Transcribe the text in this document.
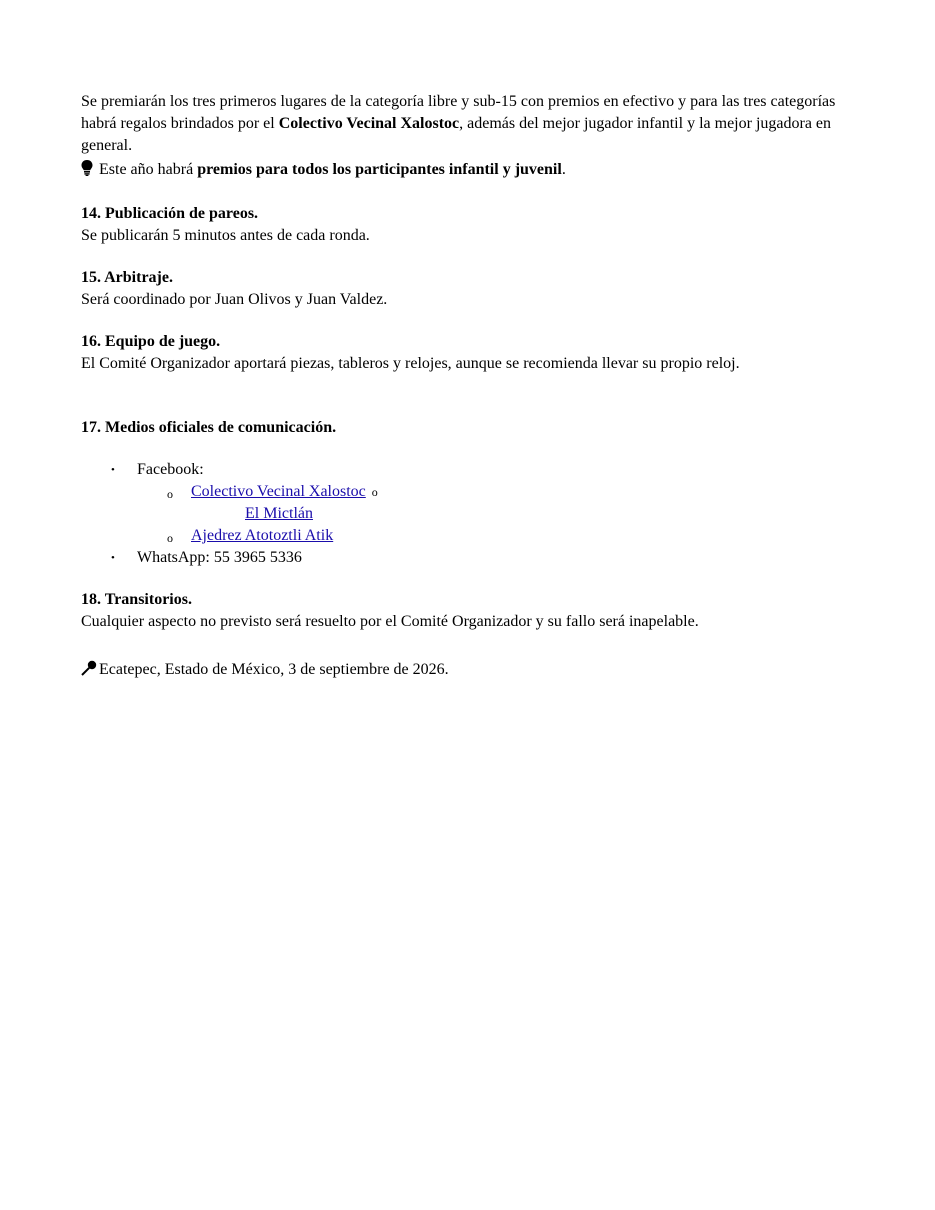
Se premiarán los tres primeros lugares de la categoría libre y sub-15 con premios en efectivo y para las tres categorías habrá regalos brindados por el Colectivo Vecinal Xalostoc, además del mejor jugador infantil y la mejor jugadora en general.

Este año habrá premios para todos los participantes infantil y juvenil.

14. Publicación de pareos.

Se publicarán 5 minutos antes de cada ronda.

15. Arbitraje.

Será coordinado por Juan Olivos y Juan Valdez.

16. Equipo de juego.

El Comité Organizador aportará piezas, tableros y relojes, aunque se recomienda llevar su propio reloj.

17. Medios oficiales de comunicación.

• Facebook:
o Colectivo Vecinal Xalostoc o
El Mictlán
o Ajedrez Atotoztli Atik
• WhatsApp: 55 3965 5336

18. Transitorios.

Cualquier aspecto no previsto será resuelto por el Comité Organizador y su fallo será inapelable.

Ecatepec, Estado de México, 3 de septiembre de 2026.
